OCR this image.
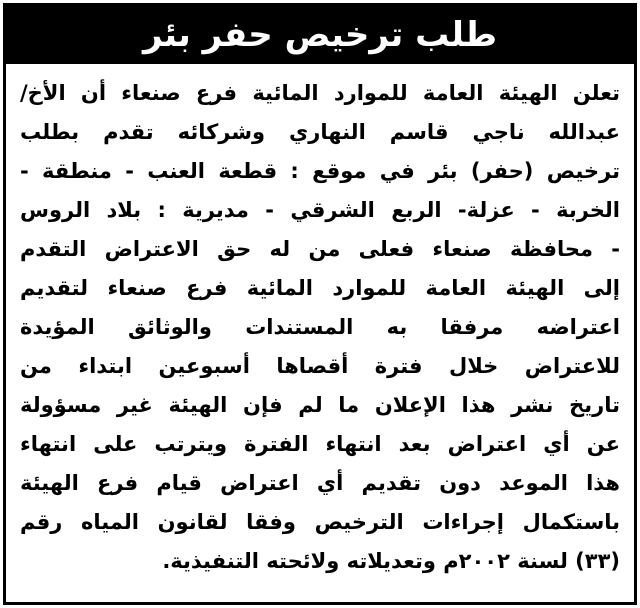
طلب ترخيص حفر بئر
تعلن الهيئة العامة للموارد المائية فرع صنعاء أن الأخ/
عبدالله ناجي قاسم النهاري وشركائه تقدم بطلب
ترخيص (حفر) بئر في موقع : قطعة العنب - منطقة -
الخربة - عزلة- الربع الشرقي - مديرية : بلاد الروس
- محافظة صنعاء فعلى من له حق الاعتراض التقدم
إلى الهيئة العامة للموارد المائية فرع صنعاء لتقديم
اعتراضه مرفقا به المستندات والوثائق المؤيدة
للاعتراض خلال فترة أقصاها أسبوعين ابتداء من
تاريخ نشر هذا الإعلان ما لم فإن الهيئة غير مسؤولة
عن أي اعتراض بعد انتهاء الفترة ويترتب على انتهاء
هذا الموعد دون تقديم أي اعتراض قيام فرع الهيئة
باستكمال إجراءات الترخيص وفقا لقانون المياه رقم
(٣٣) لسنة ٢٠٠٢م وتعديلاته ولائحته التنفيذية.
